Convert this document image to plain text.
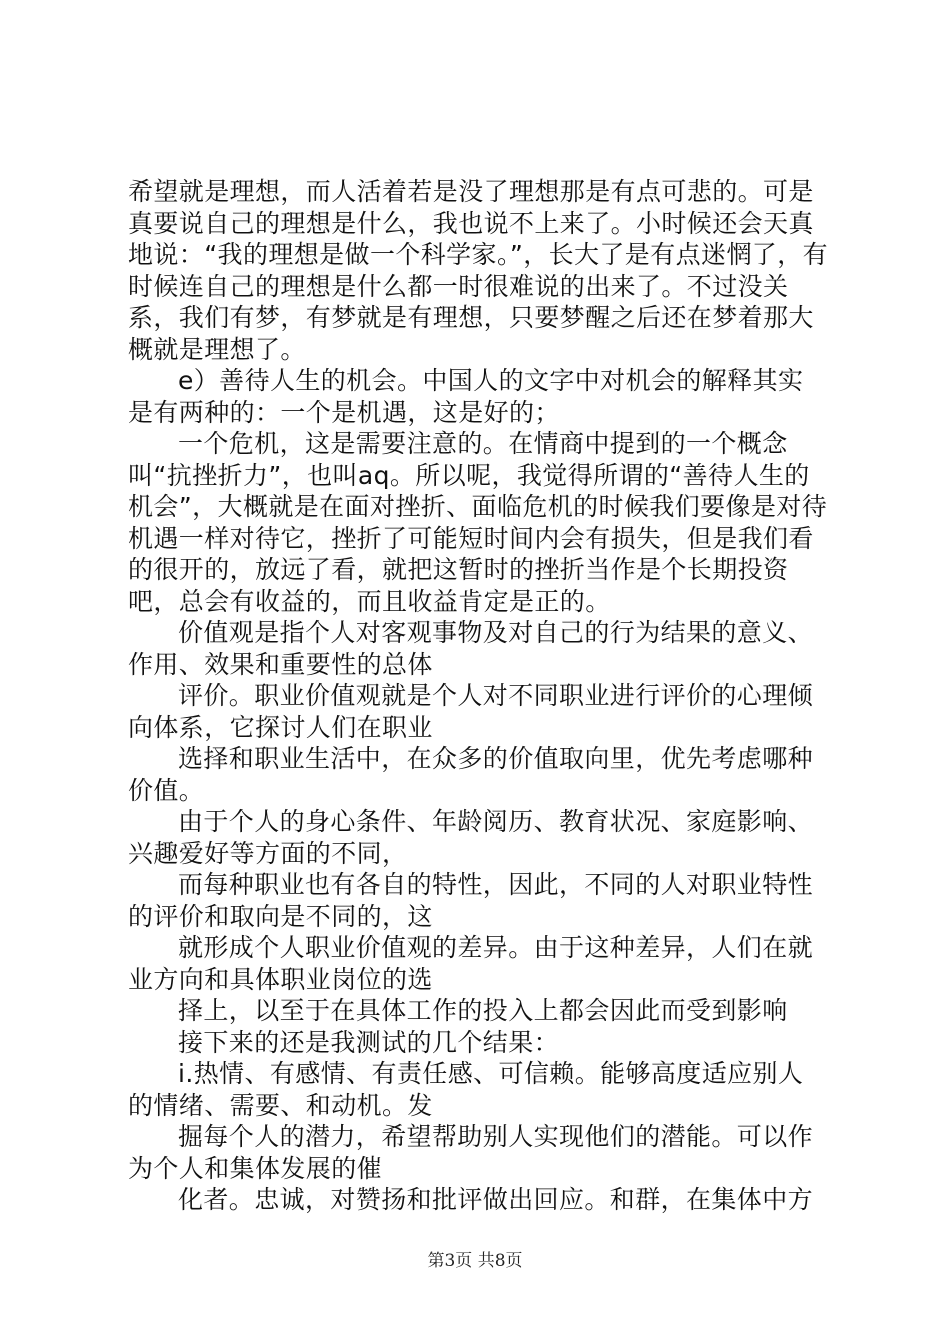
希望就是理想，而人活着若是没了理想那是有点可悲的。可是真要说自己的理想是什么，我也说不上来了。小时候还会天真地说：“我的理想是做一个科学家。”，长大了是有点迷惘了，有时候连自己的理想是什么都一时很难说的出来了。不过没关系，我们有梦，有梦就是有理想，只要梦醒之后还在梦着那大概就是理想了。

e）善待人生的机会。中国人的文字中对机会的解释其实是有两种的：一个是机遇，这是好的；

一个危机，这是需要注意的。在情商中提到的一个概念叫“抗挫折力”，也叫aq。所以呢，我觉得所谓的“善待人生的机会”，大概就是在面对挫折、面临危机的时候我们要像是对待机遇一样对待它，挫折了可能短时间内会有损失，但是我们看的很开的，放远了看，就把这暂时的挫折当作是个长期投资吧，总会有收益的，而且收益肯定是正的。

价值观是指个人对客观事物及对自己的行为结果的意义、作用、效果和重要性的总体

评价。职业价值观就是个人对不同职业进行评价的心理倾向体系，它探讨人们在职业

选择和职业生活中，在众多的价值取向里，优先考虑哪种价值。

由于个人的身心条件、年龄阅历、教育状况、家庭影响、兴趣爱好等方面的不同，

而每种职业也有各自的特性，因此，不同的人对职业特性的评价和取向是不同的，这

就形成个人职业价值观的差异。由于这种差异，人们在就业方向和具体职业岗位的选

择上，以至于在具体工作的投入上都会因此而受到影响

接下来的还是我测试的几个结果：

i.热情、有感情、有责任感、可信赖。能够高度适应别人的情绪、需要、和动机。发

掘每个人的潜力，希望帮助别人实现他们的潜能。可以作为个人和集体发展的催

化者。忠诚，对赞扬和批评做出回应。和群，在集体中方

第3页 共8页
